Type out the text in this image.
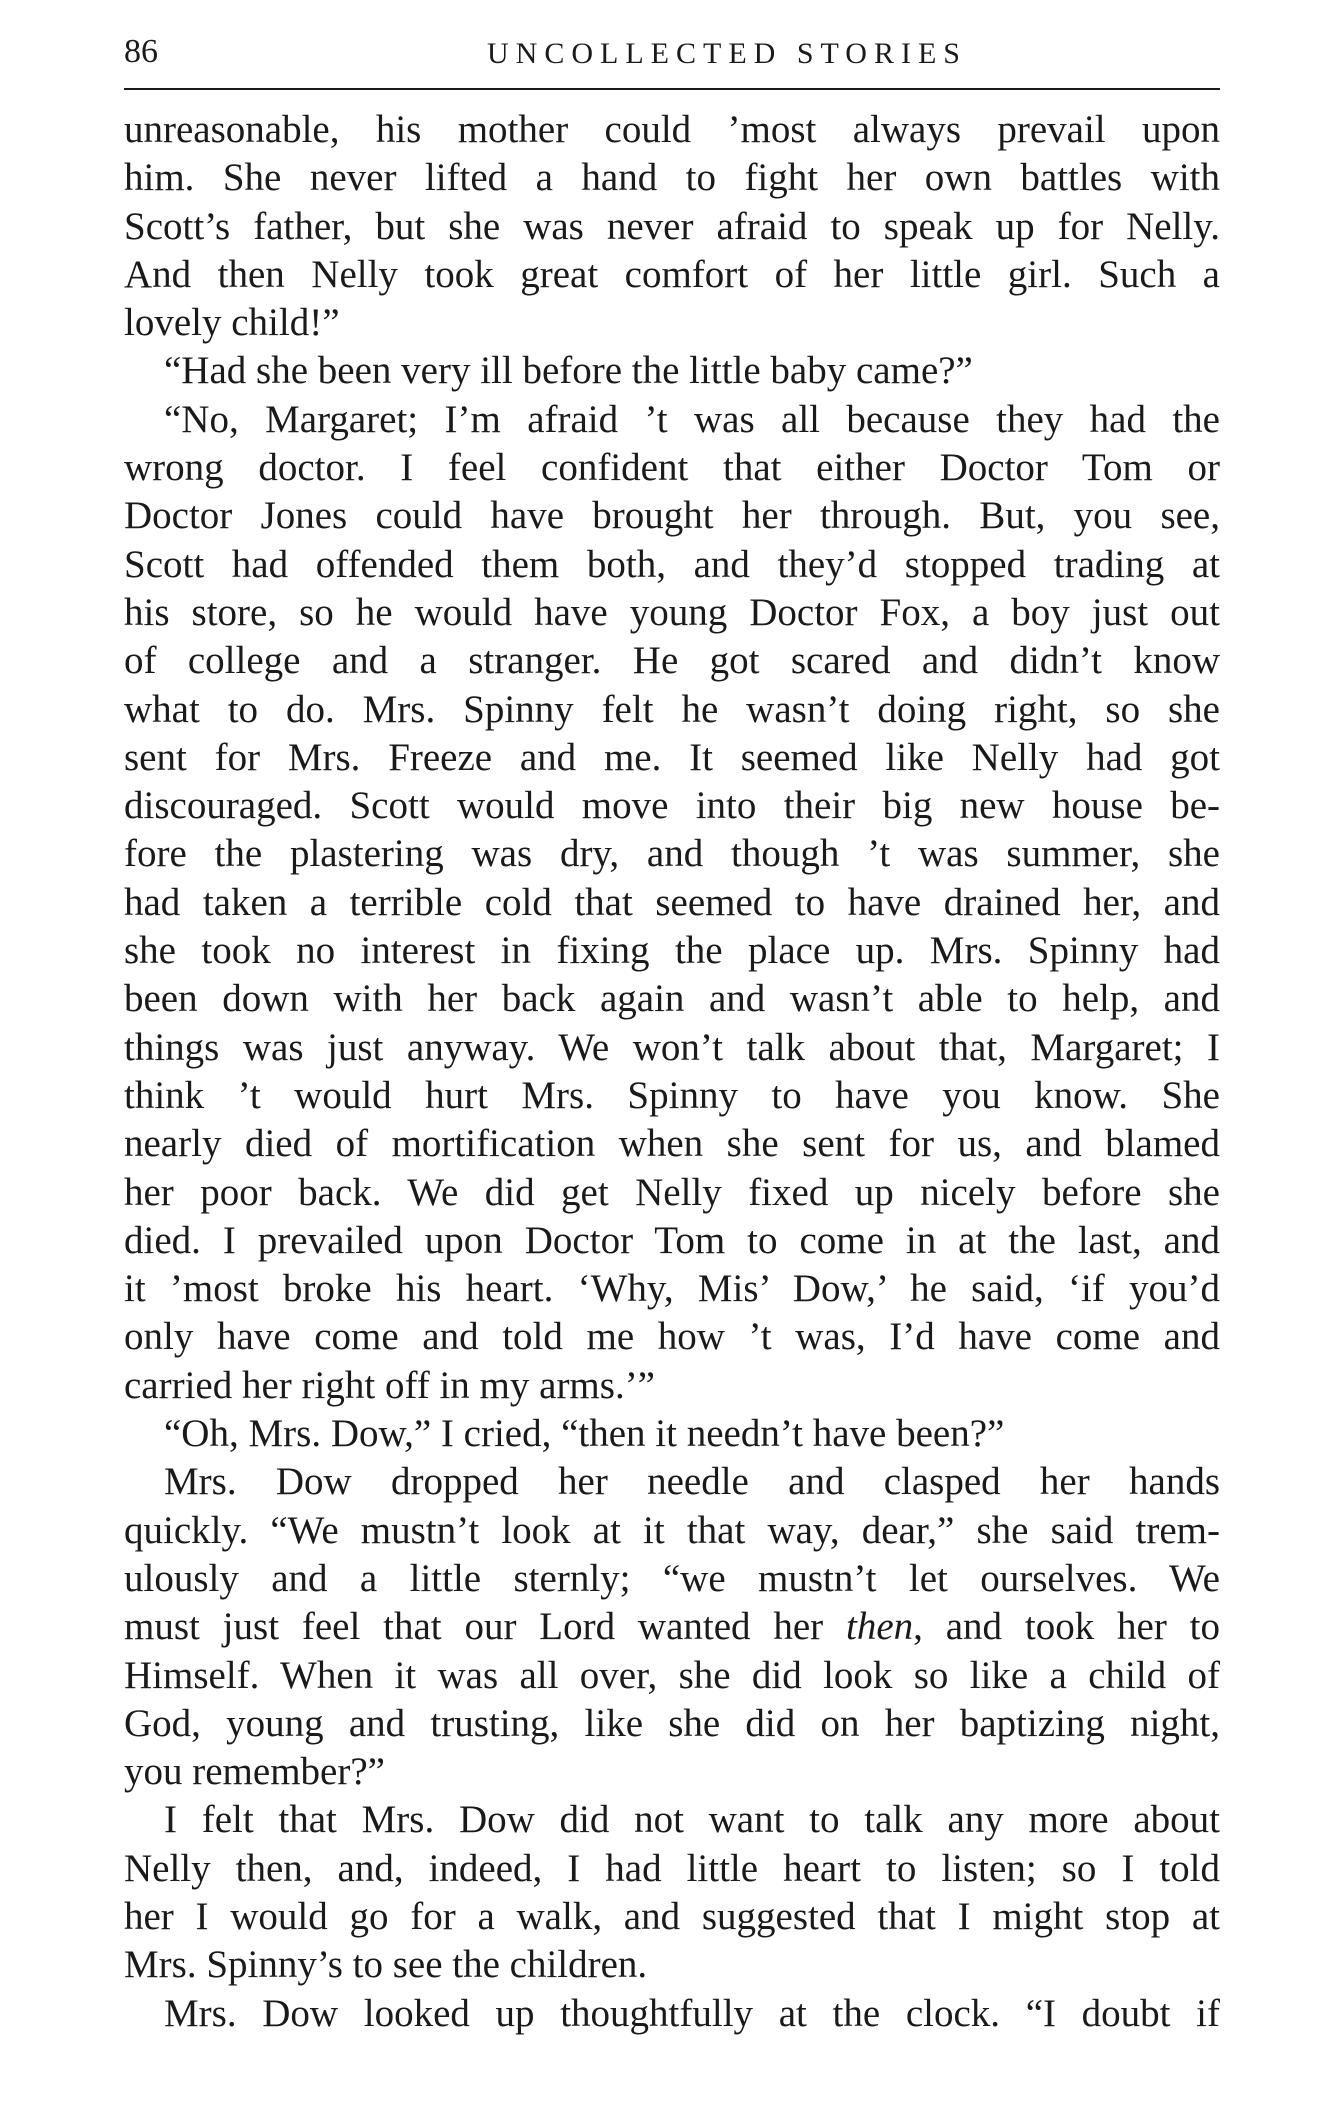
86	UNCOLLECTED STORIES
unreasonable, his mother could ’most always prevail upon
him. She never lifted a hand to fight her own battles with
Scott’s father, but she was never afraid to speak up for Nelly.
And then Nelly took great comfort of her little girl. Such a
lovely child!”
“Had she been very ill before the little baby came?”
“No, Margaret; I’m afraid ’t was all because they had the
wrong doctor. I feel confident that either Doctor Tom or
Doctor Jones could have brought her through. But, you see,
Scott had offended them both, and they’d stopped trading at
his store, so he would have young Doctor Fox, a boy just out
of college and a stranger. He got scared and didn’t know
what to do. Mrs. Spinny felt he wasn’t doing right, so she
sent for Mrs. Freeze and me. It seemed like Nelly had got
discouraged. Scott would move into their big new house be-
fore the plastering was dry, and though ’t was summer, she
had taken a terrible cold that seemed to have drained her, and
she took no interest in fixing the place up. Mrs. Spinny had
been down with her back again and wasn’t able to help, and
things was just anyway. We won’t talk about that, Margaret; I
think ’t would hurt Mrs. Spinny to have you know. She
nearly died of mortification when she sent for us, and blamed
her poor back. We did get Nelly fixed up nicely before she
died. I prevailed upon Doctor Tom to come in at the last, and
it ’most broke his heart. ‘Why, Mis’ Dow,’ he said, ‘if you’d
only have come and told me how ’t was, I’d have come and
carried her right off in my arms.’”
“Oh, Mrs. Dow,” I cried, “then it needn’t have been?”
Mrs. Dow dropped her needle and clasped her hands
quickly. “We mustn’t look at it that way, dear,” she said trem-
ulously and a little sternly; “we mustn’t let ourselves. We
must just feel that our Lord wanted her then, and took her to
Himself. When it was all over, she did look so like a child of
God, young and trusting, like she did on her baptizing night,
you remember?”
I felt that Mrs. Dow did not want to talk any more about
Nelly then, and, indeed, I had little heart to listen; so I told
her I would go for a walk, and suggested that I might stop at
Mrs. Spinny’s to see the children.
Mrs. Dow looked up thoughtfully at the clock. “I doubt if
